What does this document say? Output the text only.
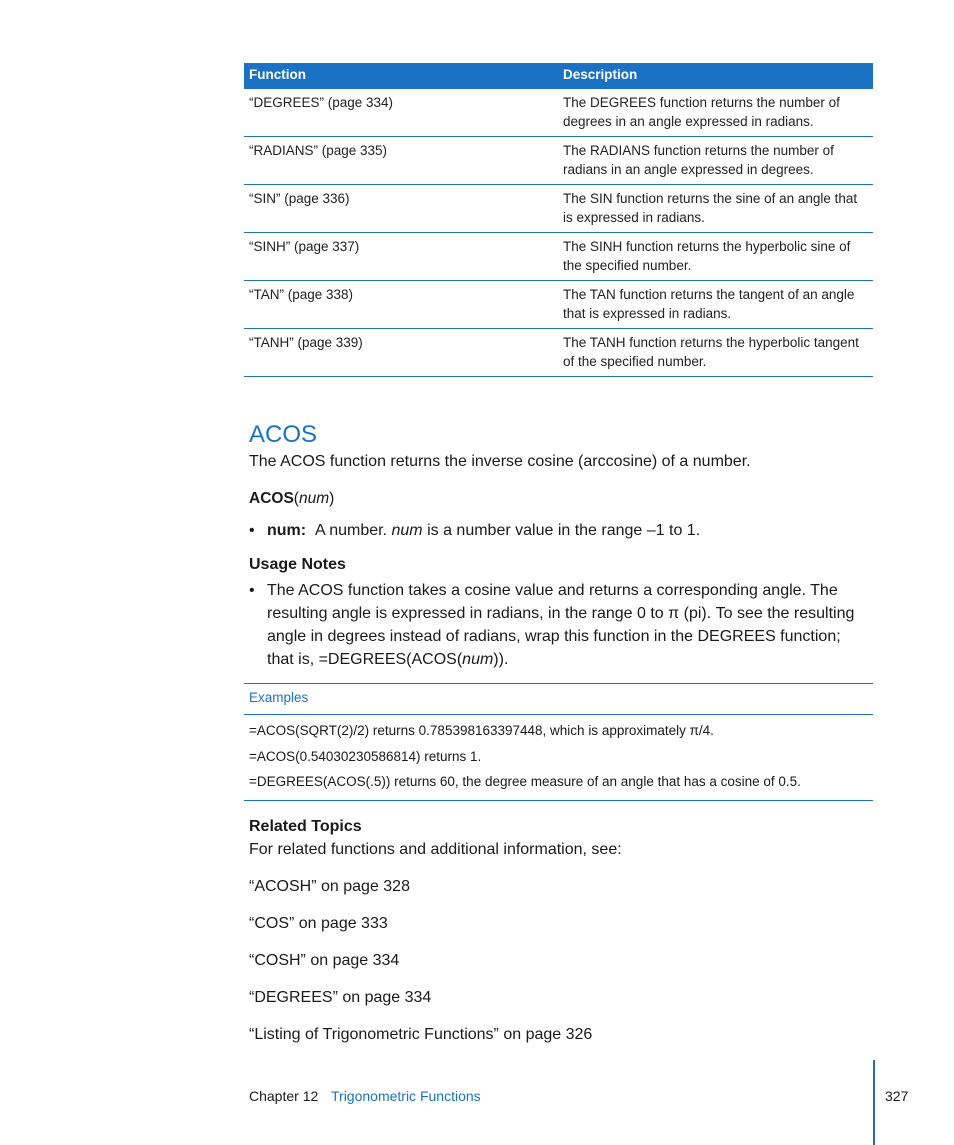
Function	Description
“DEGREES” (page 334)	The DEGREES function returns the number of degrees in an angle expressed in radians.
“RADIANS” (page 335)	The RADIANS function returns the number of radians in an angle expressed in degrees.
“SIN” (page 336)	The SIN function returns the sine of an angle that is expressed in radians.
“SINH” (page 337)	The SINH function returns the hyperbolic sine of the specified number.
“TAN” (page 338)	The TAN function returns the tangent of an angle that is expressed in radians.
“TANH” (page 339)	The TANH function returns the hyperbolic tangent of the specified number.
ACOS

The ACOS function returns the inverse cosine (arccosine) of a number.

ACOS(num)

• num: A number. num is a number value in the range –1 to 1.
Usage Notes
• The ACOS function takes a cosine value and returns a corresponding angle. The resulting angle is expressed in radians, in the range 0 to π (pi). To see the resulting angle in degrees instead of radians, wrap this function in the DEGREES function; that is, =DEGREES(ACOS(num)).
Examples
=ACOS(SQRT(2)/2) returns 0.785398163397448, which is approximately π/4.
=ACOS(0.54030230586814) returns 1.
=DEGREES(ACOS(.5)) returns 60, the degree measure of an angle that has a cosine of 0.5.
Related Topics

For related functions and additional information, see:

“ACOSH” on page 328

“COS” on page 333

“COSH” on page 334

“DEGREES” on page 334

“Listing of Trigonometric Functions” on page 326

Chapter 12 Trigonometric Functions	327
